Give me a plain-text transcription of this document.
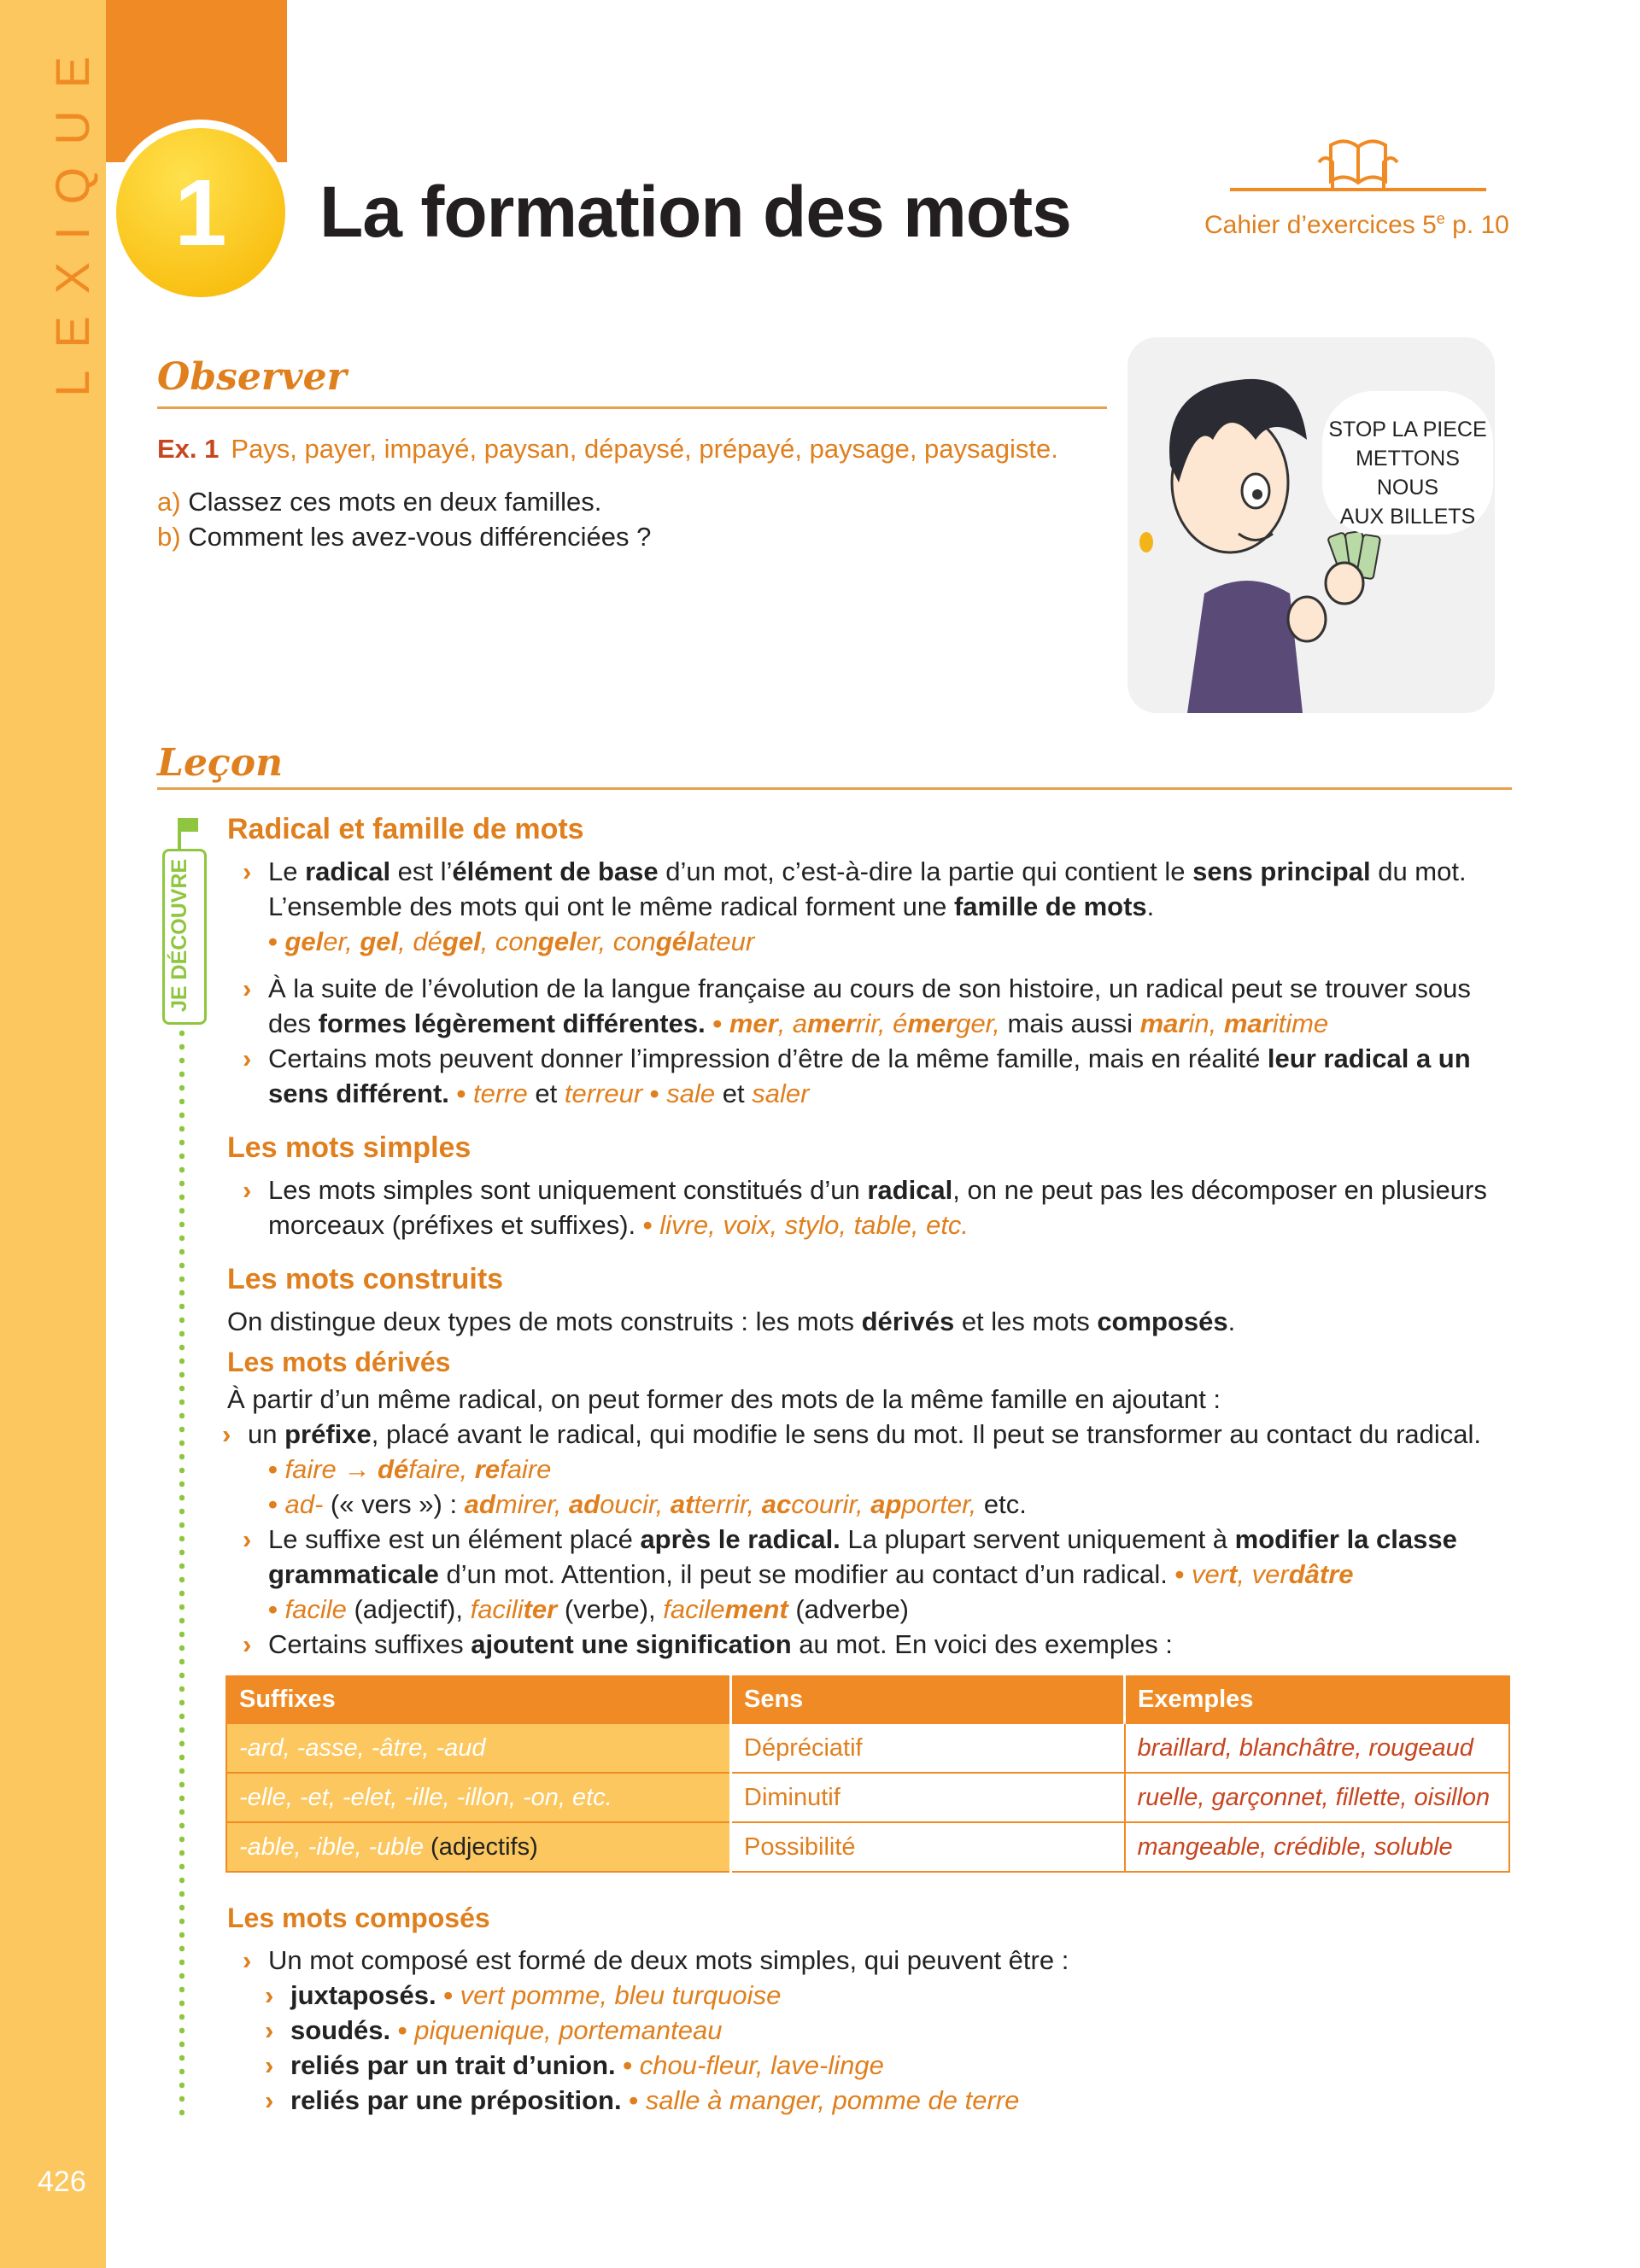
LEXIQUE
426
1	La formation des mots	Cahier d’exercices 5e p. 10
Observer
Ex. 1 Pays, payer, impayé, paysan, dépaysé, prépayé, paysage, paysagiste.
a) Classez ces mots en deux familles.
b) Comment les avez-vous différenciées ?
STOP LA PIECE
METTONS NOUS
AUX BILLETS
Leçon
JE DÉCOUVRE
Radical et famille de mots
› Le radical est l’élément de base d’un mot, c’est-à-dire la partie qui contient le sens principal du mot. L’ensemble des mots qui ont le même radical forment une famille de mots.
• geler, gel, dégel, congeler, congélateur
› À la suite de l’évolution de la langue française au cours de son histoire, un radical peut se trouver sous des formes légèrement différentes. • mer, amerrir, émerger, mais aussi marin, maritime
› Certains mots peuvent donner l’impression d’être de la même famille, mais en réalité leur radical a un sens différent. • terre et terreur • sale et saler
Les mots simples
› Les mots simples sont uniquement constitués d’un radical, on ne peut pas les décomposer en plusieurs morceaux (préfixes et suffixes). • livre, voix, stylo, table, etc.
Les mots construits
On distingue deux types de mots construits : les mots dérivés et les mots composés.
Les mots dérivés
À partir d’un même radical, on peut former des mots de la même famille en ajoutant :
› un préfixe, placé avant le radical, qui modifie le sens du mot. Il peut se transformer au contact du radical.
• faire → défaire, refaire
• ad- (« vers ») : admirer, adoucir, atterrir, accourir, apporter, etc.
› Le suffixe est un élément placé après le radical. La plupart servent uniquement à modifier la classe grammaticale d’un mot. Attention, il peut se modifier au contact d’un radical. • vert, verdâtre
• facile (adjectif), faciliter (verbe), facilement (adverbe)
› Certains suffixes ajoutent une signification au mot. En voici des exemples :
Suffixes	Sens	Exemples
-ard, -asse, -âtre, -aud	Dépréciatif	braillard, blanchâtre, rougeaud
-elle, -et, -elet, -ille, -illon, -on, etc.	Diminutif	ruelle, garçonnet, fillette, oisillon
-able, -ible, -uble (adjectifs)	Possibilité	mangeable, crédible, soluble
Les mots composés
› Un mot composé est formé de deux mots simples, qui peuvent être :
› juxtaposés. • vert pomme, bleu turquoise
› soudés. • piquenique, portemanteau
› reliés par un trait d’union. • chou-fleur, lave-linge
› reliés par une préposition. • salle à manger, pomme de terre
